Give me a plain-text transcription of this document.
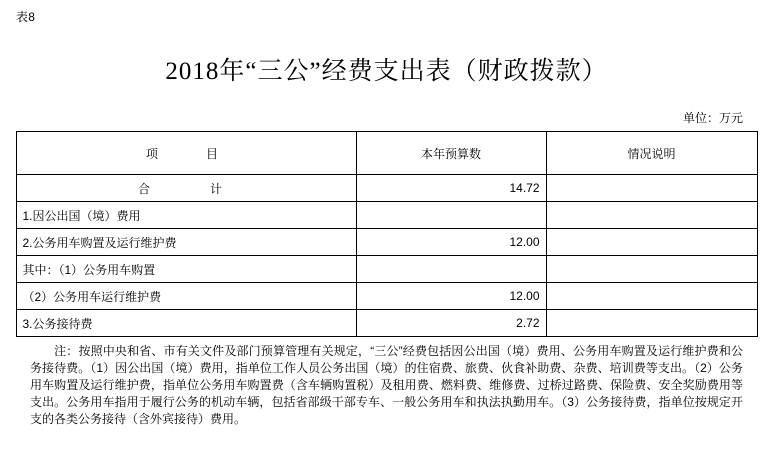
表8
2018年“三公”经费支出表（财政拨款）
单位：万元
项　　目	本年预算数	情况说明
合　　计	14.72	
1.因公出国（境）费用		
2.公务用车购置及运行维护费	12.00	
其中：（1）公务用车购置		
（2）公务用车运行维护费	12.00	
3.公务接待费	2.72	
注：按照中央和省、市有关文件及部门预算管理有关规定，“三公”经费包括因公出国（境）费用、公务用车购置及运行维护费和公务接待费。（1）因公出国（境）费用，指单位工作人员公务出国（境）的住宿费、旅费、伙食补助费、杂费、培训费等支出。（2）公务用车购置及运行维护费，指单位公务用车购置费（含车辆购置税）及租用费、燃料费、维修费、过桥过路费、保险费、安全奖励费用等支出。公务用车指用于履行公务的机动车辆，包括省部级干部专车、一般公务用车和执法执勤用车。（3）公务接待费，指单位按规定开支的各类公务接待（含外宾接待）费用。
